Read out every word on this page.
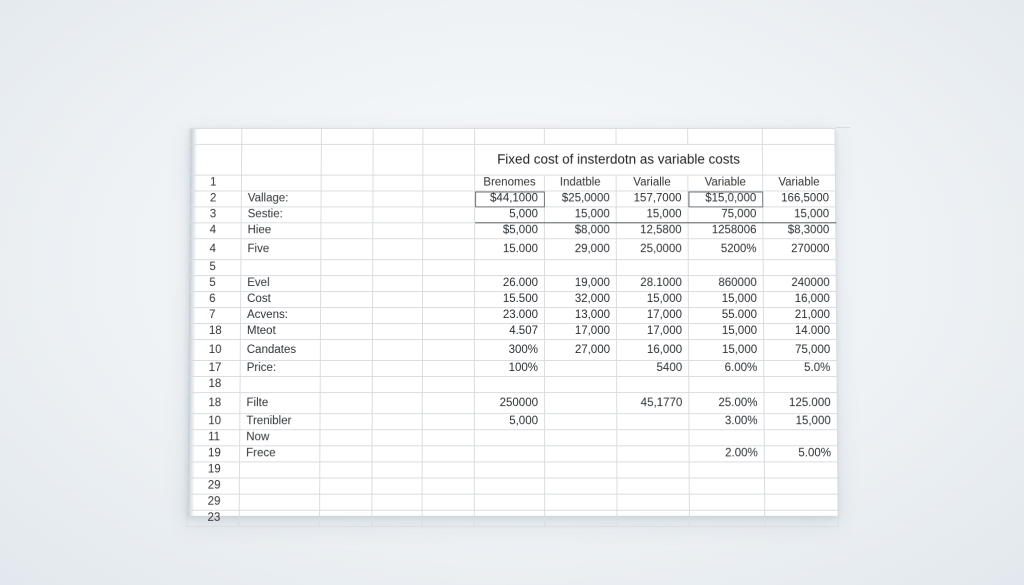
					Fixed cost of insterdotn as variable costs				
1					Brenomes	Indatble	Varialle	Variable	Variable
2	Vallage:				$44,1000	$25,0000	157,7000	$15,0,000	166,5000
3	Sestie:				5,000	15,000	15,000	75,000	15,000
4	Hiee				$5,000	$8,000	12,5800	1258006	$8,3000
4	Five				15.000	29,000	25,0000	5200%	270000
5									
5	Evel				26.000	19,000	28.1000	860000	240000
6	Cost				15.500	32,000	15,000	15,000	16,000
7	Acvens:				23.000	13,000	17,000	55.000	21,000
18	Mteot				4.507	17,000	17,000	15,000	14.000
10	Candates				300%	27,000	16,000	15,000	75,000
17	Price:				100%		5400	6.00%	5.0%
18									
18	Filte				250000		45,1770	25.00%	125.000
10	Trenibler				5,000			3.00%	15,000
11	Now								
19	Frece							2.00%	5.00%
19									
29									
29									
23									
